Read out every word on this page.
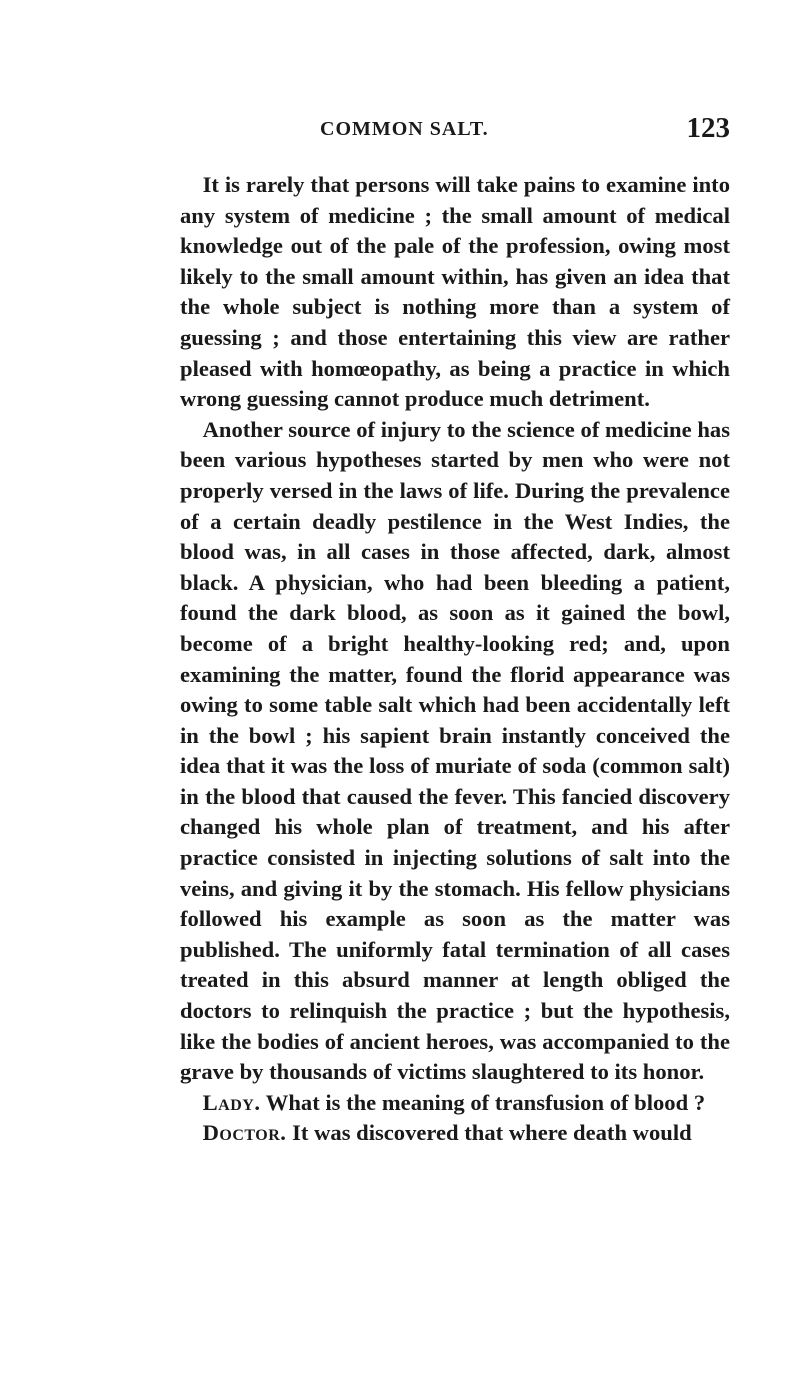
COMMON SALT.	123

It is rarely that persons will take pains to examine into any system of medicine ; the small amount of medical knowledge out of the pale of the profession, owing most likely to the small amount within, has given an idea that the whole subject is nothing more than a system of guessing ; and those entertaining this view are rather pleased with homœopathy, as being a practice in which wrong guessing cannot produce much detriment.

Another source of injury to the science of medicine has been various hypotheses started by men who were not properly versed in the laws of life. During the prevalence of a certain deadly pestilence in the West Indies, the blood was, in all cases in those affected, dark, almost black. A physician, who had been bleeding a patient, found the dark blood, as soon as it gained the bowl, become of a bright healthy-looking red; and, upon examining the matter, found the florid appearance was owing to some table salt which had been accidentally left in the bowl ; his sapient brain instantly conceived the idea that it was the loss of muriate of soda (common salt) in the blood that caused the fever. This fancied discovery changed his whole plan of treatment, and his after practice consisted in injecting solutions of salt into the veins, and giving it by the stomach. His fellow physicians followed his example as soon as the matter was published. The uniformly fatal termination of all cases treated in this absurd manner at length obliged the doctors to relinquish the practice ; but the hypothesis, like the bodies of ancient heroes, was accompanied to the grave by thousands of victims slaughtered to its honor.

Lady. What is the meaning of transfusion of blood ?

Doctor. It was discovered that where death would
